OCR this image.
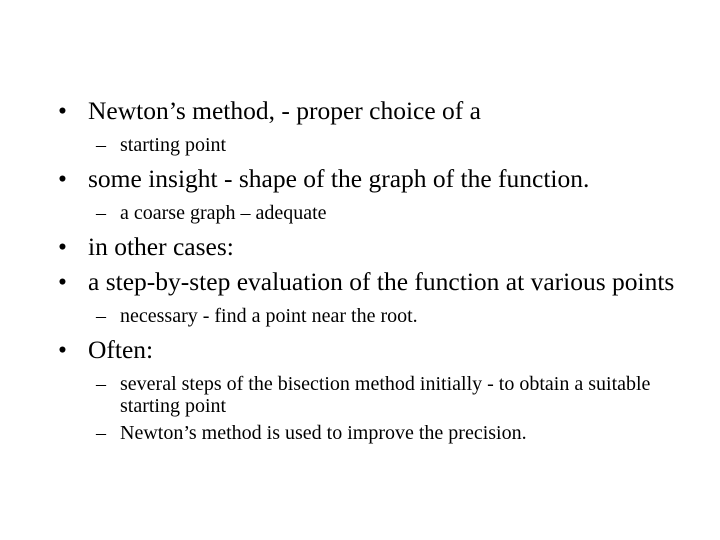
• Newton’s method, - proper choice of a
– starting point
• some insight - shape of the graph of the function.
– a coarse graph – adequate
• in other cases:
• a step-by-step evaluation of the function at various points
– necessary - find a point near the root.
• Often:
– several steps of the bisection method initially - to obtain a suitable starting point
– Newton’s method is used to improve the precision.
